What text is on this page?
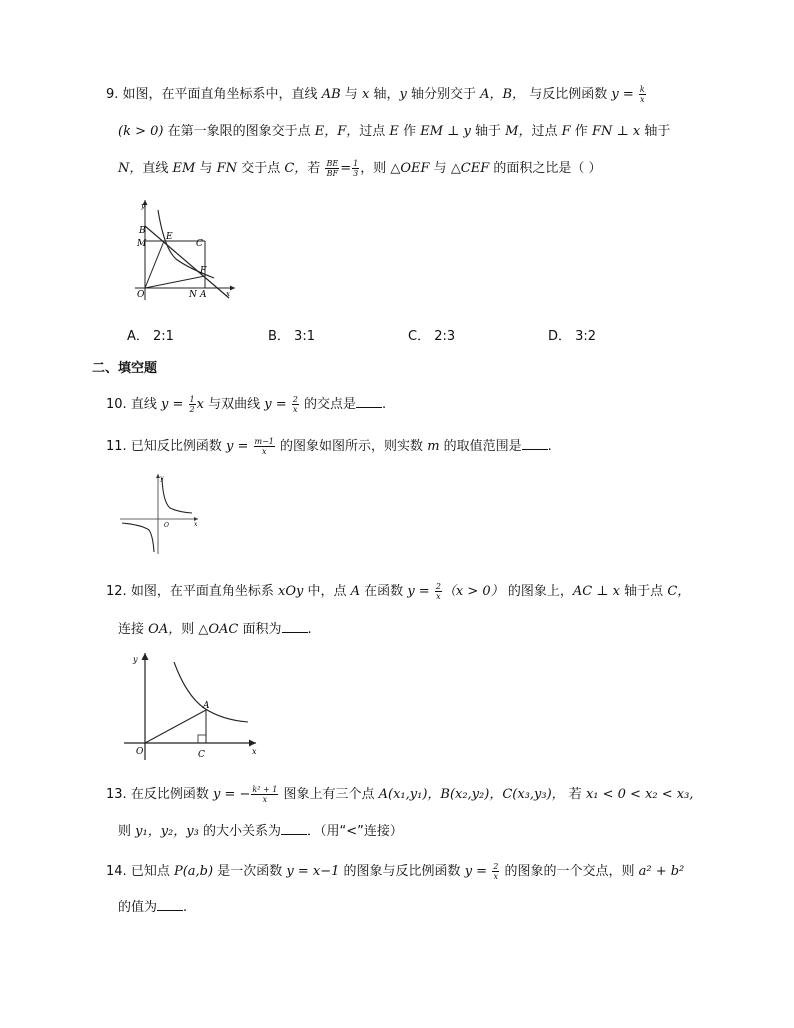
9. 如图，在平面直角坐标系中，直线 AB 与 x 轴，y 轴分别交于 A，B， 与反比例函数 $y = \frac{k}{x}$
(k > 0) 在第一象限的图象交于点 E，F，过点 E 作 EM ⊥ y 轴于 M，过点 F 作 FN ⊥ x 轴于
N，直线 EM 与 FN 交于点 C，若 $\frac{BE}{BF} = \frac{1}{3}$ ，则 △OEF 与 △CEF 的面积之比是（ ）
y
x
B
M
E
C
F
O	N A
A． 2:1	B． 3:1	C． 2:3	D． 3:2
二、填空题
10. 直线 $y = \frac{1}{2}$ x 与双曲线 $y = \frac{2}{x}$ 的交点是 .
11. 已知反比例函数 $y = \frac{m-1}{x}$ 的图象如图所示，则实数 m 的取值范围是 .
y
x
O
12. 如图，在平面直角坐标系 xOy 中，点 A 在函数 $y = \frac{2}{x} (x > 0)$ 的图象上，AC ⊥ x 轴于点 C，
连接 OA，则 △OAC 面积为 .
y
x
O
A
C
13. 在反比例函数 y = − $\frac{\text{k² + 1}}{x}$ 图象上有三个点 A(x₁,y₁)，B(x₂,y₂)，C(x₃,y₃)， 若 x₁ < 0 < x₂ < x₃,
则 y₁，y₂，y₃ 的大小关系为 ．（用“<”连接）
14. 已知点 P(a,b) 是一次函数 y = x−1 的图象与反比例函数 $y = \frac{2}{x}$ 的图象的一个交点，则 a² + b²
的值为 .
